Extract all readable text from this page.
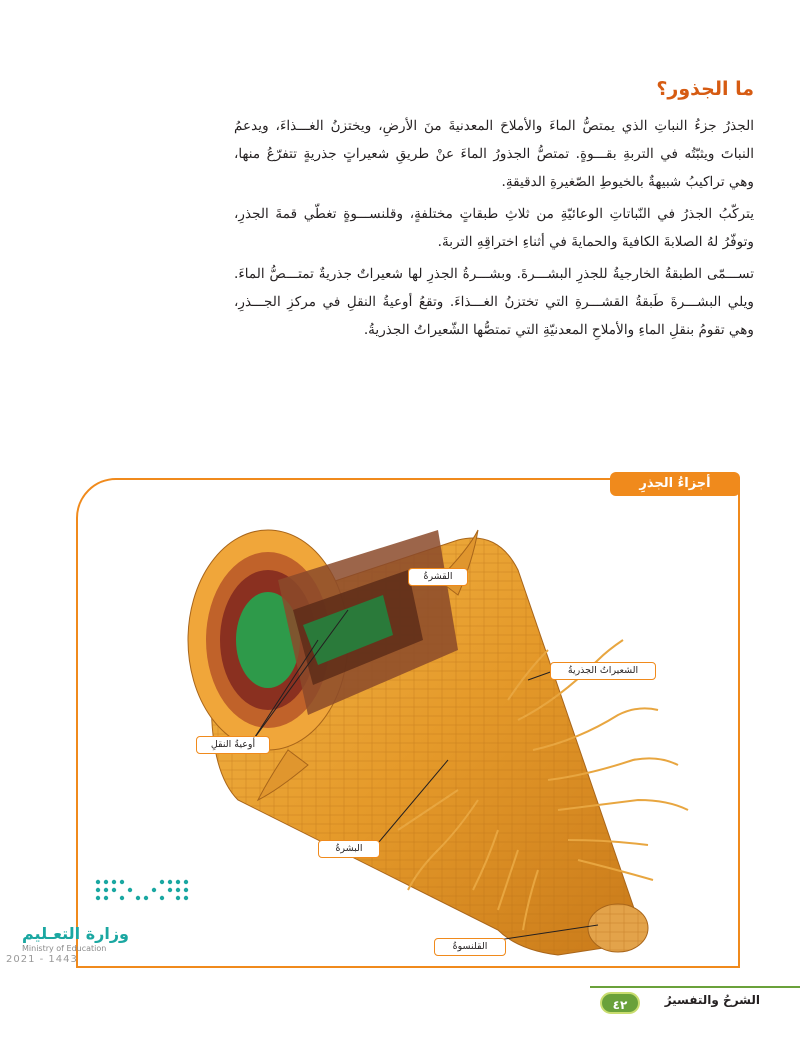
ما الجذور؟

الجذرُ جزءُ النباتِ الذي يمتصُّ الماءَ والأملاحَ المعدنيةَ منَ الأرضِ، ويختزنُ الغـــذاءَ، ويدعمُ النباتَ ويثبّتُه في التربةِ بقـــوةٍ. تمتصُّ الجذورُ الماءَ عنْ طريقِ شعيراتٍ جذريةٍ تتفرّعُ منها، وهي تراكيبُ شبيهةٌ بالخيوطِ الصّغيرةِ الدقيقةِ.

يتركّبُ الجذرُ في النّباتاتِ الوعائيّةِ من ثلاثِ طبقاتٍ مختلفةٍ، وقلنســـوةٍ تغطّي قمةَ الجذرِ، وتوفّرُ لهُ الصلابةَ الكافيةَ والحمايةَ في أثناءِ اختراقِهِ التربةَ.

تســـمّى الطبقةُ الخارجيةُ للجذرِ البشـــرةَ. وبشـــرةُ الجذرِ لها شعيراتٌ جذريةٌ تمتـــصُّ الماءَ. ويلي البشـــرةَ طَبقةُ القشـــرةِ التي تختزنُ الغـــذاءَ. وتقعُ أوعيةُ النقلِ في مركزِ الجـــذرِ، وهي تقومُ بنقلِ الماءِ والأملاحِ المعدنيّةِ التي تمتصُّها الشّعيراتُ الجذريةُ.

أجزاءُ الجذرِ
القشرةُ
الشعيراتُ الجذريةُ
أوعيةُ النقلِ
البشرةُ
القلنسوةُ
وزارة التعـليم
Ministry of Education
2021 - 1443
٤٢	الشرحُ والتفسيرُ
